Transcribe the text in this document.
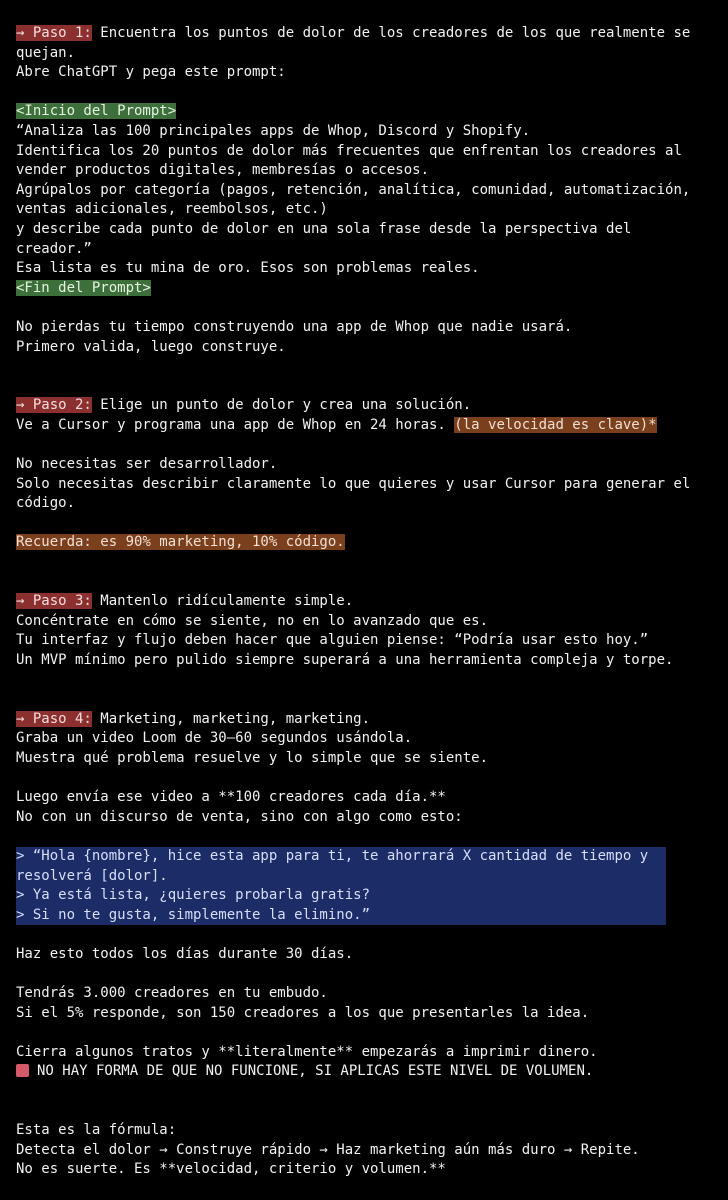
→ Paso 1: Encuentra los puntos de dolor de los creadores de los que realmente se
quejan.
Abre ChatGPT y pega este prompt:
<Inicio del Prompt>
“Analiza las 100 principales apps de Whop, Discord y Shopify.
Identifica los 20 puntos de dolor más frecuentes que enfrentan los creadores al
vender productos digitales, membresías o accesos.
Agrúpalos por categoría (pagos, retención, analítica, comunidad, automatización,
ventas adicionales, reembolsos, etc.)
y describe cada punto de dolor en una sola frase desde la perspectiva del
creador.”
Esa lista es tu mina de oro. Esos son problemas reales.
<Fin del Prompt>
No pierdas tu tiempo construyendo una app de Whop que nadie usará.
Primero valida, luego construye.
→ Paso 2: Elige un punto de dolor y crea una solución.
Ve a Cursor y programa una app de Whop en 24 horas. (la velocidad es clave)*
No necesitas ser desarrollador.
Solo necesitas describir claramente lo que quieres y usar Cursor para generar el
código.
Recuerda: es 90% marketing, 10% código.
→ Paso 3: Mantenlo ridículamente simple.
Concéntrate en cómo se siente, no en lo avanzado que es.
Tu interfaz y flujo deben hacer que alguien piense: “Podría usar esto hoy.”
Un MVP mínimo pero pulido siempre superará a una herramienta compleja y torpe.
→ Paso 4: Marketing, marketing, marketing.
Graba un video Loom de 30–60 segundos usándola.
Muestra qué problema resuelve y lo simple que se siente.
Luego envía ese video a **100 creadores cada día.**
No con un discurso de venta, sino con algo como esto:
> “Hola {nombre}, hice esta app para ti, te ahorrará X cantidad de tiempo y
resolverá [dolor].
> Ya está lista, ¿quieres probarla gratis?
> Si no te gusta, simplemente la elimino.”
Haz esto todos los días durante 30 días.
Tendrás 3.000 creadores en tu embudo.
Si el 5% responde, son 150 creadores a los que presentarles la idea.
Cierra algunos tratos y **literalmente** empezarás a imprimir dinero.
NO HAY FORMA DE QUE NO FUNCIONE, SI APLICAS ESTE NIVEL DE VOLUMEN.
Esta es la fórmula:
Detecta el dolor → Construye rápido → Haz marketing aún más duro → Repite.
No es suerte. Es **velocidad, criterio y volumen.**
